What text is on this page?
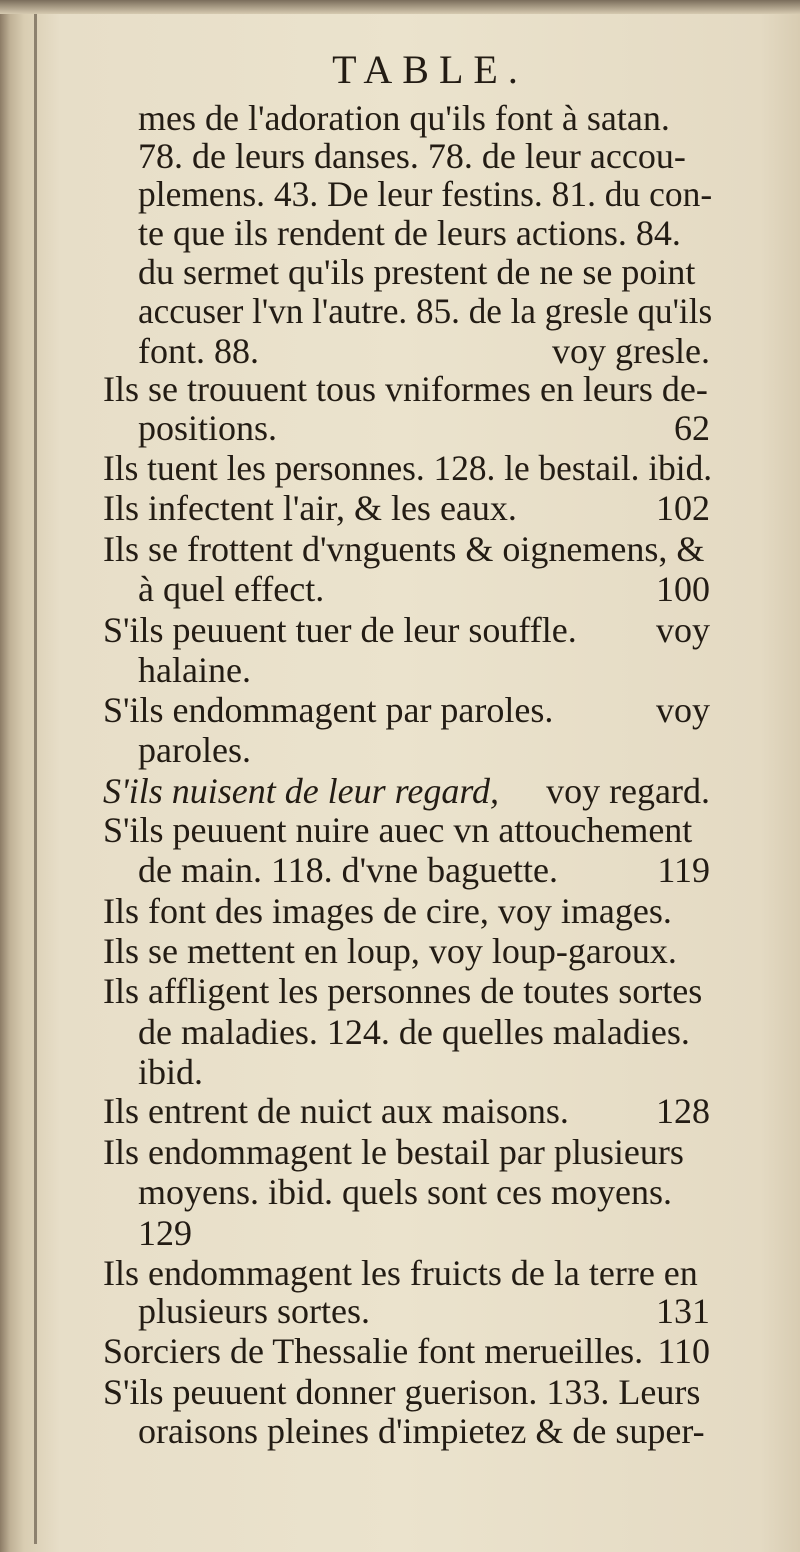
TABLE.
mes de l'adoration qu'ils font à satan.
78. de leurs danses. 78. de leur accou-
plemens. 43. De leur festins. 81. du con-
te que ils rendent de leurs actions. 84.
du sermet qu'ils prestent de ne se point
accuser l'vn l'autre. 85. de la gresle qu'ils
font. 88.	voy gresle.
Ils se trouuent tous vniformes en leurs de-
positions.	62
Ils tuent les personnes. 128. le bestail. ibid.
Ils infectent l'air, & les eaux.	102
Ils se frottent d'vnguents & oignemens, &
à quel effect.	100
S'ils peuuent tuer de leur souffle. voy
halaine.
S'ils endommagent par paroles.	voy
paroles.
S'ils nuisent de leur regard, voy regard.
S'ils peuuent nuire auec vn attouchement
de main. 118. d'vne baguette.	119
Ils font des images de cire, voy images.
Ils se mettent en loup, voy loup-garoux.
Ils affligent les personnes de toutes sortes
de maladies. 124. de quelles maladies.
ibid.
Ils entrent de nuict aux maisons. 128
Ils endommagent le bestail par plusieurs
moyens. ibid. quels sont ces moyens.
129
Ils endommagent les fruicts de la terre en
plusieurs sortes.	131
Sorciers de Thessalie font merueilles. 110
S'ils peuuent donner guerison. 133. Leurs
oraisons pleines d'impietez & de super-
